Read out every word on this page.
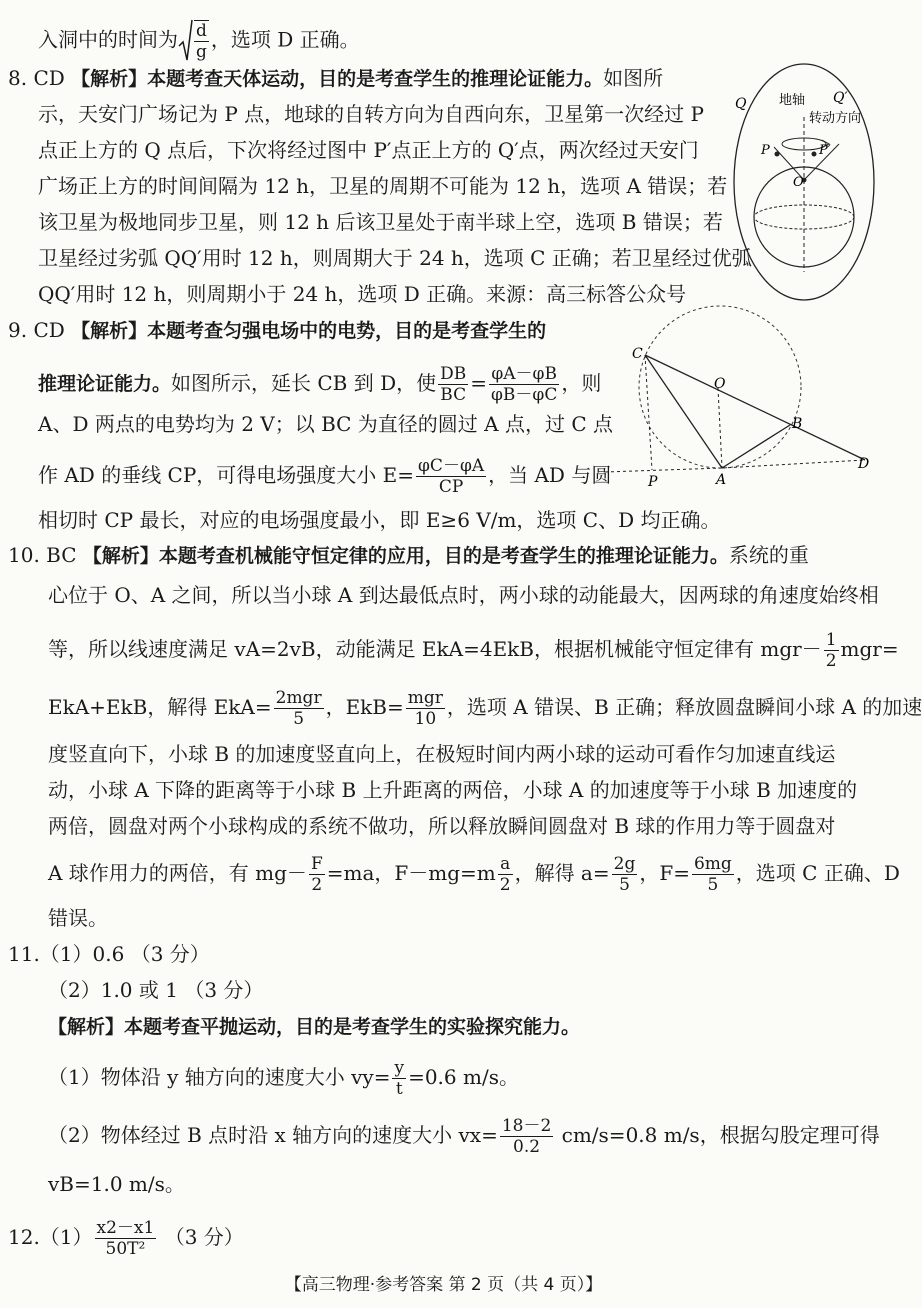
入洞中的时间为 $\frac{d}{g}$ ，选项 D 正确。
8. CD 【解析】本题考查天体运动，目的是考查学生的推理论证能力。如图所
示，天安门广场记为 P 点，地球的自转方向为自西向东，卫星第一次经过 P
点正上方的 Q 点后，下次将经过图中 P′点正上方的 Q′点，两次经过天安门
广场正上方的时间间隔为 12 h，卫星的周期不可能为 12 h，选项 A 错误；若
该卫星为极地同步卫星，则 12 h 后该卫星处于南半球上空，选项 B 错误；若
卫星经过劣弧 QQ′用时 12 h，则周期大于 24 h，选项 C 正确；若卫星经过优弧
QQ′用时 12 h，则周期小于 24 h，选项 D 正确。来源：高三标答公众号
Q	Q′
地轴
转动方向
P	P′
O
9. CD 【解析】本题考查匀强电场中的电势，目的是考查学生的
推理论证能力。如图所示，延长 CB 到 D，使 $\frac{DB}{BC} = \frac{\varphi A-\varphi B}{\varphi B-\varphi C}$ ，则
A、D 两点的电势均为 2 V；以 BC 为直径的圆过 A 点，过 C 点
作 AD 的垂线 CP，可得电场强度大小 $E= \frac{\varphi C-\varphi A}{CP}$ ，当 AD 与圆
相切时 CP 最长，对应的电场强度最小，即 E≥6 V/m，选项 C、D 均正确。
C
O
B
D
P	A
10. BC 【解析】本题考查机械能守恒定律的应用，目的是考查学生的推理论证能力。系统的重
心位于 O、A 之间，所以当小球 A 到达最低点时，两小球的动能最大，因两球的角速度始终相
等，所以线速度满足 vA=2vB，动能满足 EkA=4EkB，根据机械能守恒定律有 $mgr- \frac{1}{2} mgr=$
EkA+EkB，解得 $EkA= \frac{\text{2mgr}}{5}$ ，$EkB= \frac{\text{mgr}}{10}$ ，选项 A 错误、B 正确；释放圆盘瞬间小球 A 的加速
度竖直向下，小球 B 的加速度竖直向上，在极短时间内两小球的运动可看作匀加速直线运
动，小球 A 下降的距离等于小球 B 上升距离的两倍，小球 A 的加速度等于小球 B 加速度的
两倍，圆盘对两个小球构成的系统不做功，所以释放瞬间圆盘对 B 球的作用力等于圆盘对
A 球作用力的两倍，有 $mg- \frac{F}{2} =ma$，$F-mg=m \frac{a}{2}$ ，解得 $a= \frac{2g}{5}$ ，$F= \frac{6mg}{5}$ ，选项 C 正确、D
错误。
11.（1）0.6 （3 分）
（2）1.0 或 1 （3 分）
【解析】本题考查平抛运动，目的是考查学生的实验探究能力。
（1）物体沿 y 轴方向的速度大小 $vy= \frac{y}{t} =0.6$ m/s。
（2）物体经过 B 点时沿 x 轴方向的速度大小 $vx= \frac{18-2}{0.2} cm/s=0.8$ m/s，根据勾股定理可得
vB=1.0 m/s。
$12.(1) \frac{x2-x1}{\text{50T²}} (3$ 分）
【高三物理·参考答案 第 2 页（共 4 页）】
